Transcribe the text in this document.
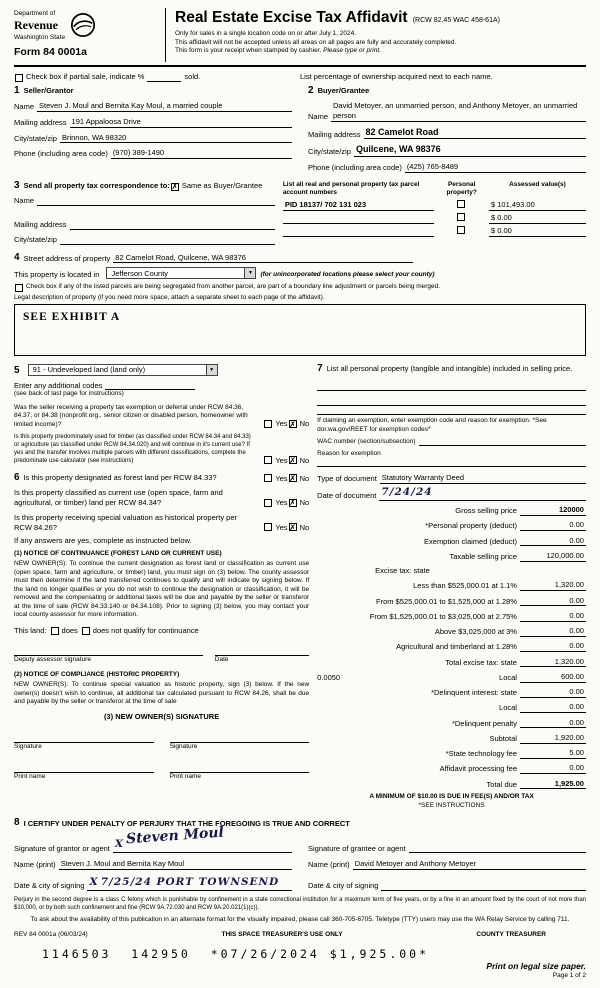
Department of
Revenue
Washington State
Form 84 0001a
Real Estate Excise Tax Affidavit (RCW 82.45 WAC 458-61A)
Only for sales in a single location code on or after July 1, 2024.
This affidavit will not be accepted unless all areas on all pages are fully and accurately completed.
This form is your receipt when stamped by cashier. Please type or print.
Check box if partial sale, indicate %	sold.	List percentage of ownership acquired next to each name.
1 Seller/Grantor
Name Steven J. Moul and Bernita Kay Moul, a married couple
Mailing address 191 Appaloosa Drive
City/state/zip Brinnon, WA 98320
Phone (including area code) (970) 389-1490
2 Buyer/Grantee
Name
David Metoyer, an unmarried person, and Anthony Metoyer, an unmarried person
Mailing address 82 Camelot Road
City/state/zip Quilcene, WA 98376
Phone (including area code) (425) 765-8489
3 Send all property tax correspondence to: ✗ Same as Buyer/Grantee
Name
Mailing address
City/state/zip
List all real and personal property tax parcel account numbers
Personal property?
Assessed value(s)
PID 18137/ 702 131 023	$ 101,493.00
$ 0.00
$ 0.00
4 Street address of property 82 Camelot Road, Quilcene, WA 98376
This property is located in	Jefferson County	▼	(for unincorporated locations please select your county)
Check box if any of the listed parcels are being segregated from another parcel, are part of a boundary line adjustment or parcels being merged.
Legal description of property (if you need more space, attach a separate sheet to each page of the affidavit).
SEE EXHIBIT A
5	91 - Undeveloped land (land only)	▼
Enter any additional codes
(see back of last page for instructions)
Was the seller receiving a property tax exemption or deferral under RCW 84.36, 84.37, or 84.38 (nonprofit org., senior citizen or disabled person, homeowner with limited income)?	Yes ✗ No
Is this property predominately used for timber (as classified under RCW 84.34 and 84.33) or agriculture (as classified under RCW 84.34.020) and will continue in it's current use? If yes and the transfer involves multiple parcels with different classifications, complete the predominate use calculator (see instructions)	Yes ✗ No
6 Is this property designated as forest land per RCW 84.33?	Yes ✗ No
Is this property classified as current use (open space, farm and agricultural, or timber) land per RCW 84.34?	Yes ✗ No
Is this property receiving special valuation as historical property per RCW 84.26?	Yes ✗ No
If any answers are yes, complete as instructed below.
(1) NOTICE OF CONTINUANCE (FOREST LAND OR CURRENT USE)
NEW OWNER(S): To continue the current designation as forest land or classification as current use (open space, farm and agriculture, or timber) land, you must sign on (3) below. The county assessor must then determine if the land transferred continues to qualify and will indicate by signing below. If the land no longer qualifies or you do not wish to continue the designation or classification, it will be removed and the compensating or additional taxes will be due and payable by the seller or transferor at the time of sale (RCW 84.33.140 or 84.34.108). Prior to signing (3) below, you may contact your local county assessor for more information.
This land: does does not qualify for continuance
Deputy assessor signature	Date
(2) NOTICE OF COMPLIANCE (HISTORIC PROPERTY)
NEW OWNER(S): To continue special valuation as historic property, sign (3) below. If the new owner(s) doesn't wish to continue, all additional tax calculated pursuant to RCW 84.26, shall be due and payable by the seller or transferor at the time of sale
(3) NEW OWNER(S) SIGNATURE
Signature	Signature
Print name	Print name
7 List all personal property (tangible and intangible) included in selling price.
If claiming an exemption, enter exemption code and reason for exemption. *See dor.wa.gov/REET for exemption codes*
WAC number (section/subsection)
Reason for exemption
Type of document Statutory Warranty Deed
Date of document 7/24/24
Gross selling price	120000
*Personal property (deduct)	0.00
Exemption claimed (deduct)	0.00
Taxable selling price	120,000.00
Excise tax: state
Less than $525,000.01 at 1.1%	1,320.00
From $525,000.01 to $1,525,000 at 1.28%	0.00
From $1,525,000.01 to $3,025,000 at 2.75%	0.00
Above $3,025,000 at 3%	0.00
Agricultural and timberland at 1.28%	0.00
Total excise tax: state	1,320.00
0.0050	Local	600.00
*Delinquent interest: state	0.00
Local	0.00
*Delinquent penalty	0.00
Subtotal	1,920.00
*State technology fee	5.00
Affidavit processing fee	0.00
Total due	1,925.00
A MINIMUM OF $10.00 IS DUE IN FEE(S) AND/OR TAX
*SEE INSTRUCTIONS
8 I CERTIFY UNDER PENALTY OF PERJURY THAT THE FOREGOING IS TRUE AND CORRECT
Signature of grantor or agent X Steven Moul
Signature of grantee or agent
Name (print) Steven J. Moul and Bernita Kay Moul	Name (print) David Metoyer and Anthony Metoyer
Date & city of signing X 7/25/24 PORT TOWNSEND	Date & city of signing
Perjury in the second degree is a class C felony which is punishable by confinement in a state correctional institution for a maximum term of five years, or by a fine in an amount fixed by the court of not more than $10,000, or by both such confinement and fine (RCW 9A.72.030 and RCW 9A.20.021(1)(c)).
To ask about the availability of this publication in an alternate format for the visually impaired, please call 360-705-6705. Teletype (TTY) users may use the WA Relay Service by calling 711.
REV 84 0001a (06/03/24)	THIS SPACE TREASURER'S USE ONLY	COUNTY TREASURER
1146503  142950  *07/26/2024 $1,925.00*
Print on legal size paper.
Page 1 of 2
